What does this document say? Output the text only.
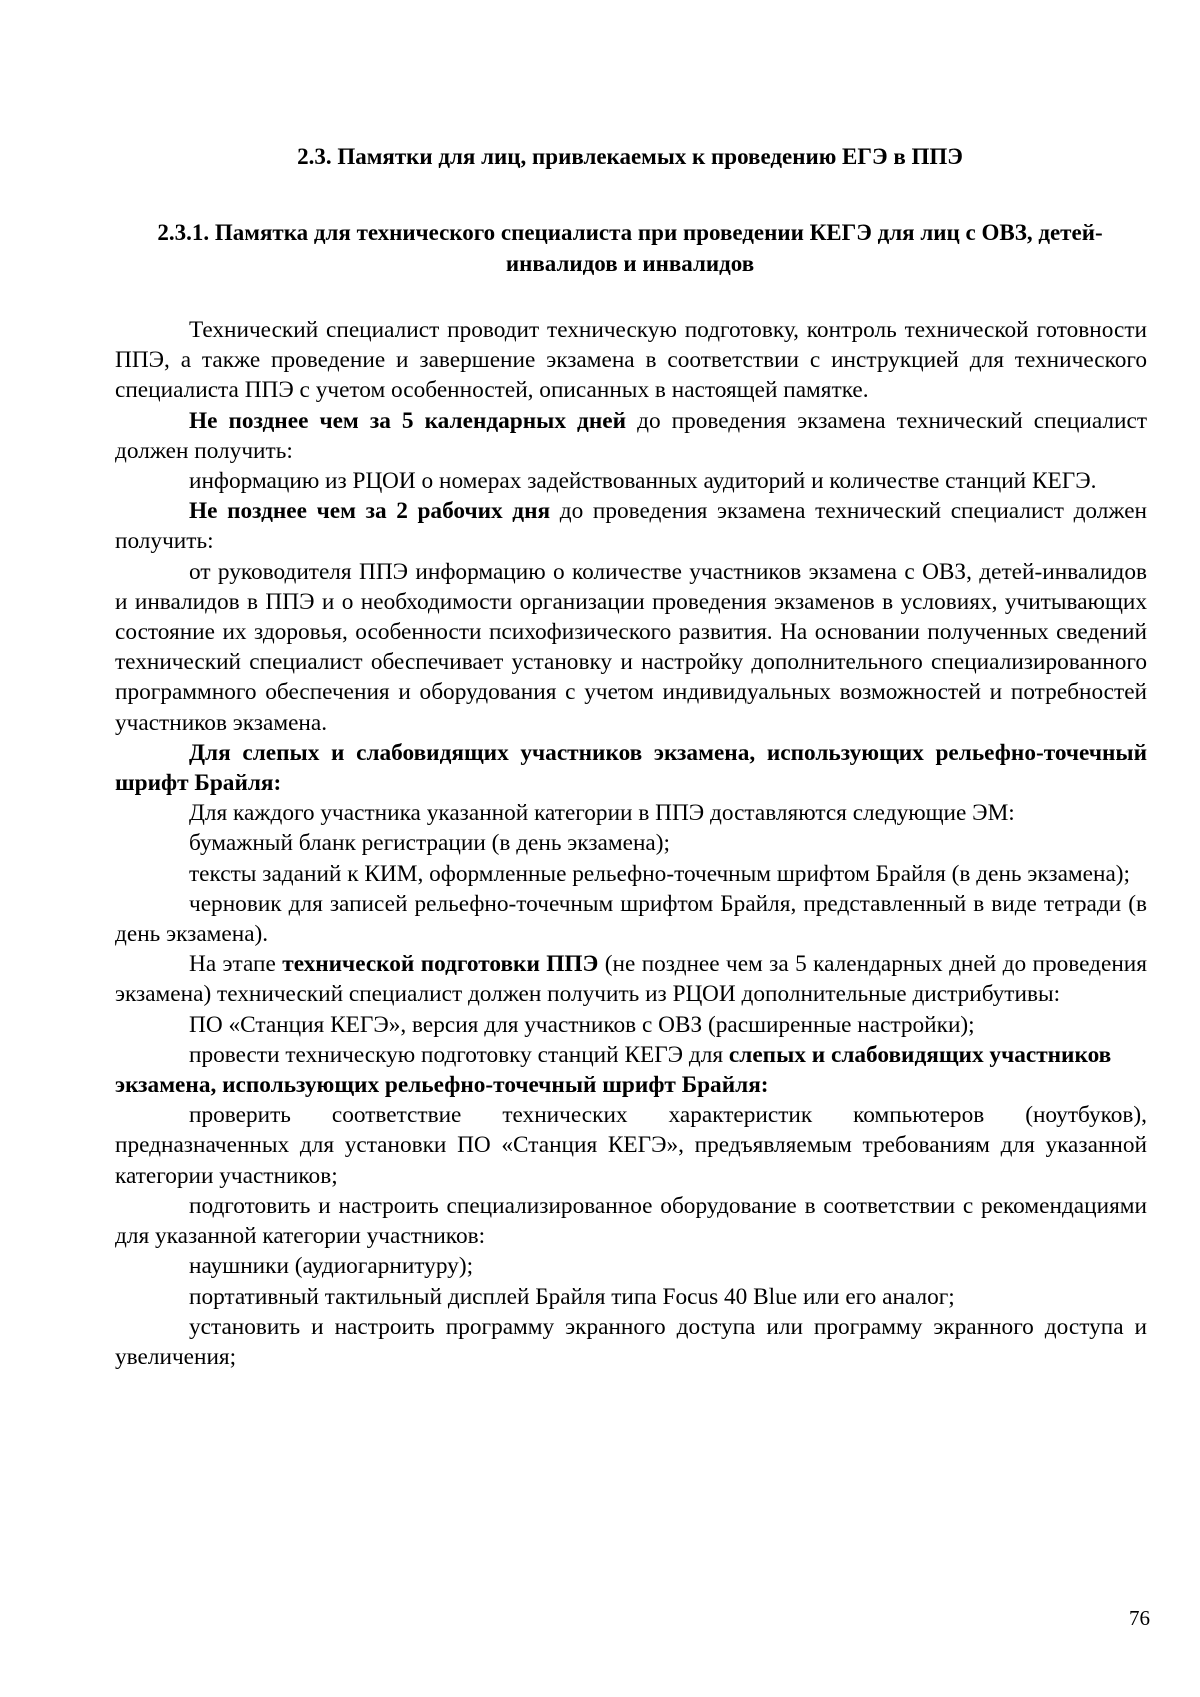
2.3. Памятки для лиц, привлекаемых к проведению ЕГЭ в ППЭ
2.3.1. Памятка для технического специалиста при проведении КЕГЭ для лиц с ОВЗ, детей-инвалидов и инвалидов

Технический специалист проводит техническую подготовку, контроль технической готовности ППЭ, а также проведение и завершение экзамена в соответствии с инструкцией для технического специалиста ППЭ с учетом особенностей, описанных в настоящей памятке.

Не позднее чем за 5 календарных дней до проведения экзамена технический специалист должен получить:

информацию из РЦОИ о номерах задействованных аудиторий и количестве станций КЕГЭ.

Не позднее чем за 2 рабочих дня до проведения экзамена технический специалист должен получить:

от руководителя ППЭ информацию о количестве участников экзамена с ОВЗ, детей-инвалидов и инвалидов в ППЭ и о необходимости организации проведения экзаменов в условиях, учитывающих состояние их здоровья, особенности психофизического развития. На основании полученных сведений технический специалист обеспечивает установку и настройку дополнительного специализированного программного обеспечения и оборудования с учетом индивидуальных возможностей и потребностей участников экзамена.

Для слепых и слабовидящих участников экзамена, использующих рельефно-точечный шрифт Брайля:

Для каждого участника указанной категории в ППЭ доставляются следующие ЭМ:

бумажный бланк регистрации (в день экзамена);

тексты заданий к КИМ, оформленные рельефно-точечным шрифтом Брайля (в день экзамена);

черновик для записей рельефно-точечным шрифтом Брайля, представленный в виде тетради (в день экзамена).

На этапе технической подготовки ППЭ (не позднее чем за 5 календарных дней до проведения экзамена) технический специалист должен получить из РЦОИ дополнительные дистрибутивы:

ПО «Станция КЕГЭ», версия для участников с ОВЗ (расширенные настройки);

провести техническую подготовку станций КЕГЭ для слепых и слабовидящих участников экзамена, использующих рельефно-точечный шрифт Брайля:

проверить соответствие технических характеристик компьютеров (ноутбуков), предназначенных для установки ПО «Станция КЕГЭ», предъявляемым требованиям для указанной категории участников;

подготовить и настроить специализированное оборудование в соответствии с рекомендациями для указанной категории участников:

наушники (аудиогарнитуру);

портативный тактильный дисплей Брайля типа Focus 40 Blue или его аналог;

установить и настроить программу экранного доступа или программу экранного доступа и увеличения;

76
